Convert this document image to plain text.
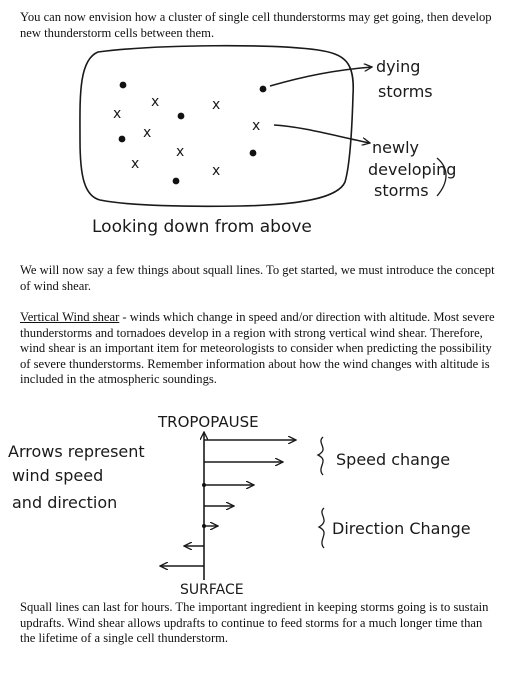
You can now envision how a cluster of single cell thunderstorms may get going, then develop new thunderstorm cells between them.

x	x
x
x
x
x
x	x
dying
storms
newly
developing
storms
Looking down from above

We will now say a few things about squall lines. To get started, we must introduce the concept of wind shear.

Vertical Wind shear - winds which change in speed and/or direction with altitude. Most severe thunderstorms and tornadoes develop in a region with strong vertical wind shear. Therefore, wind shear is an important item for meteorologists to consider when predicting the possibility of severe thunderstorms. Remember information about how the wind changes with altitude is included in the atmospheric soundings.

TROPOPAUSE
SURFACE
Arrows represent
wind speed
and direction
Speed change
Direction Change

Squall lines can last for hours. The important ingredient in keeping storms going is to sustain updrafts. Wind shear allows updrafts to continue to feed storms for a much longer time than the lifetime of a single cell thunderstorm.
